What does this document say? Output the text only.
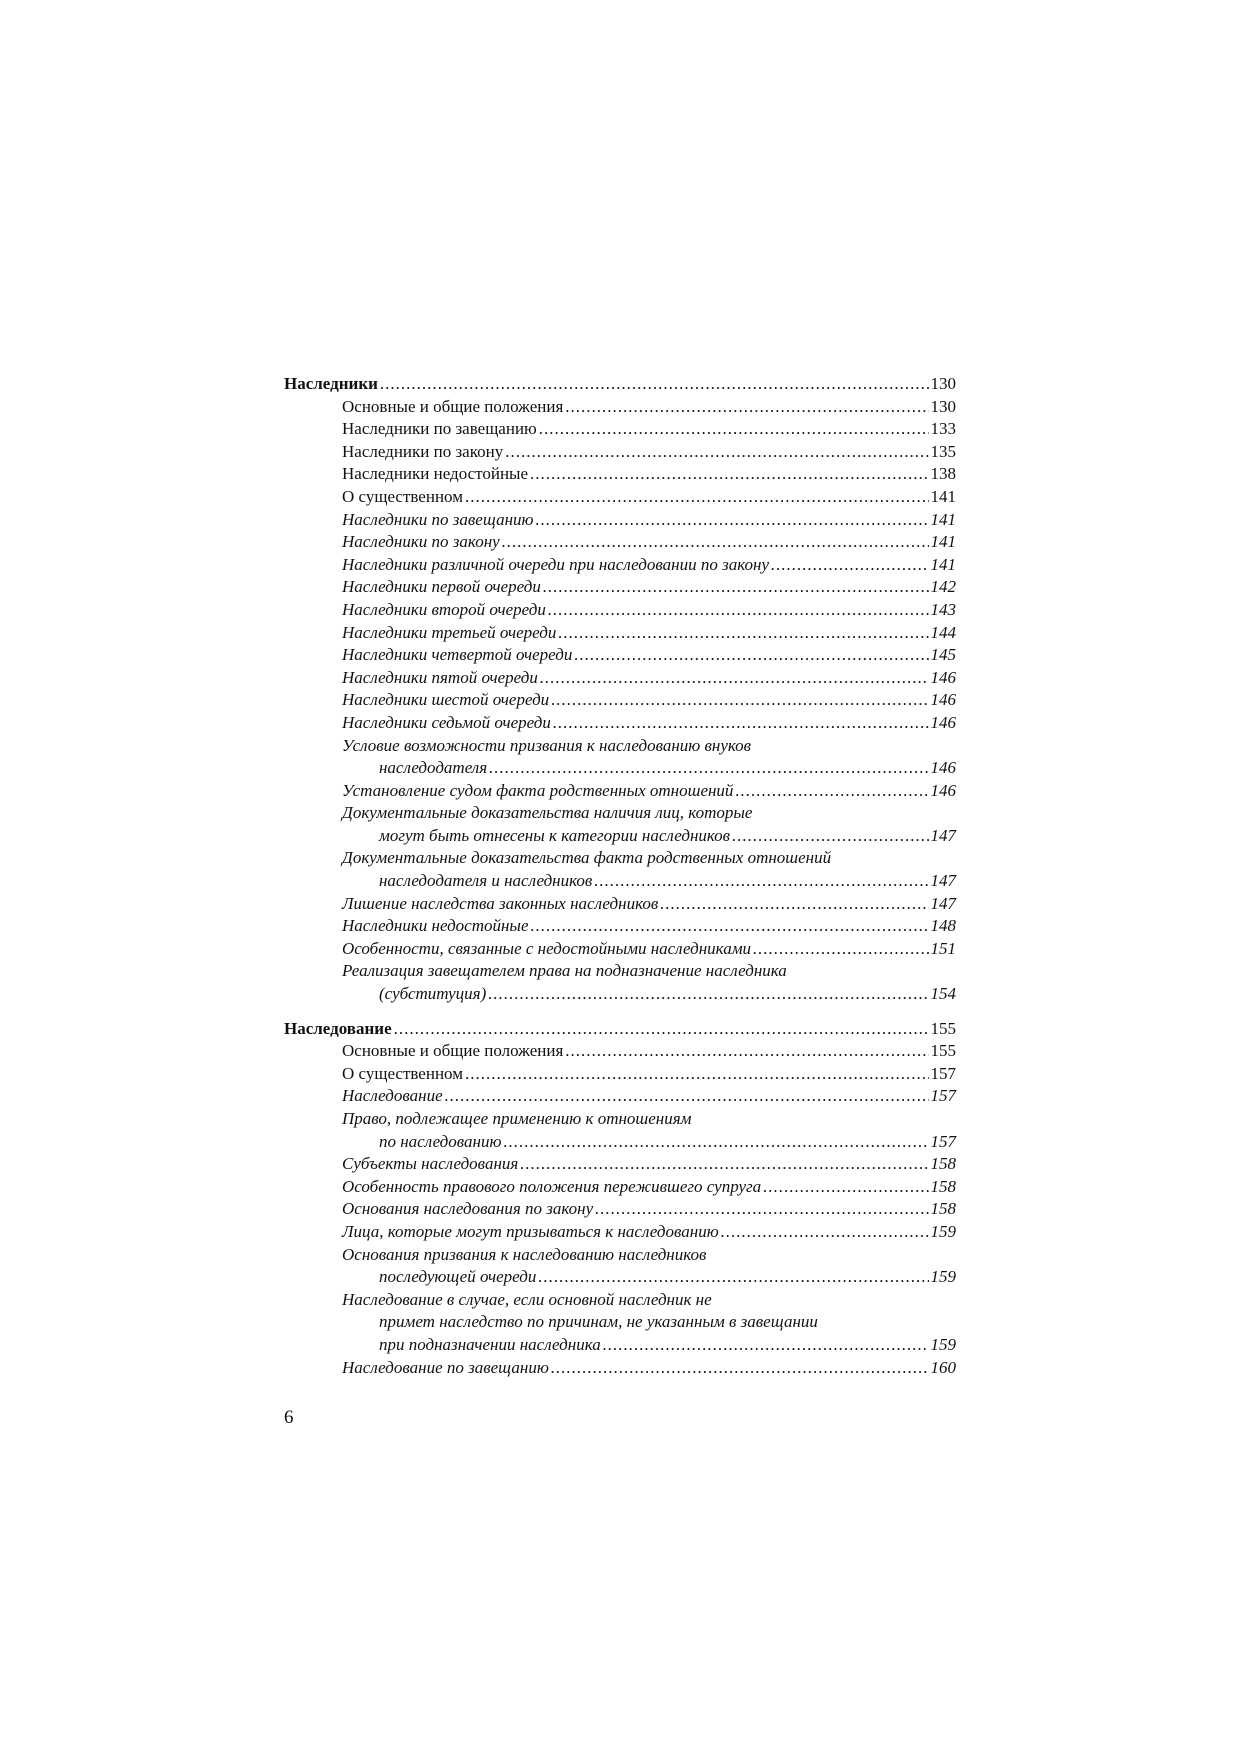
Наследники .....	130
Основные и общие положения .....	130
Наследники по завещанию .....	133
Наследники по закону .....	135
Наследники недостойные .....	138
О существенном .....	141
Наследники по завещанию .....	141
Наследники по закону .....	141
Наследники различной очереди при наследовании по закону .....	141
Наследники первой очереди .....	142
Наследники второй очереди .....	143
Наследники третьей очереди .....	144
Наследники четвертой очереди .....	145
Наследники пятой очереди .....	146
Наследники шестой очереди .....	146
Наследники седьмой очереди .....	146
Условие возможности призвания к наследованию внуков
наследодателя .....	146
Установление судом факта родственных отношений .....	146
Документальные доказательства наличия лиц, которые
могут быть отнесены к категории наследников .....	147
Документальные доказательства факта родственных отношений
наследодателя и наследников .....	147
Лишение наследства законных наследников .....	147
Наследники недостойные .....	148
Особенности, связанные с недостойными наследниками .....	151
Реализация завещателем права на подназначение наследника
(субституция) .....	154
Наследование .....	155
Основные и общие положения .....	155
О существенном .....	157
Наследование .....	157
Право, подлежащее применению к отношениям
по наследованию .....	157
Субъекты наследования .....	158
Особенность правового положения пережившего супруга .....	158
Основания наследования по закону .....	158
Лица, которые могут призываться к наследованию .....	159
Основания призвания к наследованию наследников
последующей очереди .....	159
Наследование в случае, если основной наследник не
примет наследство по причинам, не указанным в завещании
при подназначении наследника .....	159
Наследование по завещанию .....	160
6
